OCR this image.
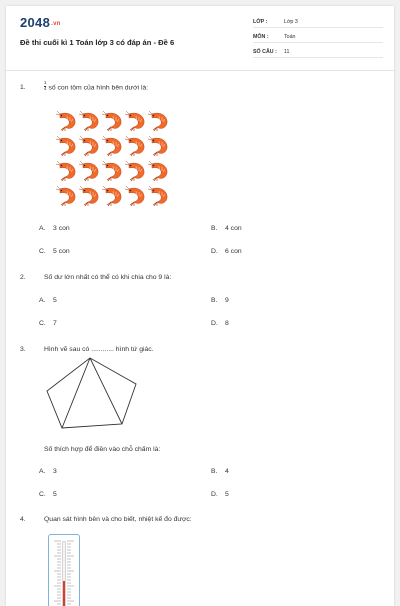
2048.vn
Đề thi cuối kì 1 Toán lớp 3 có đáp án - Đề 6
LỚP :	Lớp 3
MÔN :	Toán
SỐ CÂU : 11
1.	$\frac{1}{4}$ số con tôm của hình bên dưới là:
A. 3 con	B. 4 con
C. 5 con	D. 6 con
2.	Số dư lớn nhất có thể có khi chia cho 9 là:
A. 5	B. 9
C. 7	D. 8
3.	Hình vẽ sau có ............ hình tứ giác.
Số thích hợp để điền vào chỗ chấm là:
A. 3	B. 4
C. 5	D. 5
4.	Quan sát hình bên và cho biết, nhiệt kế đo được:
